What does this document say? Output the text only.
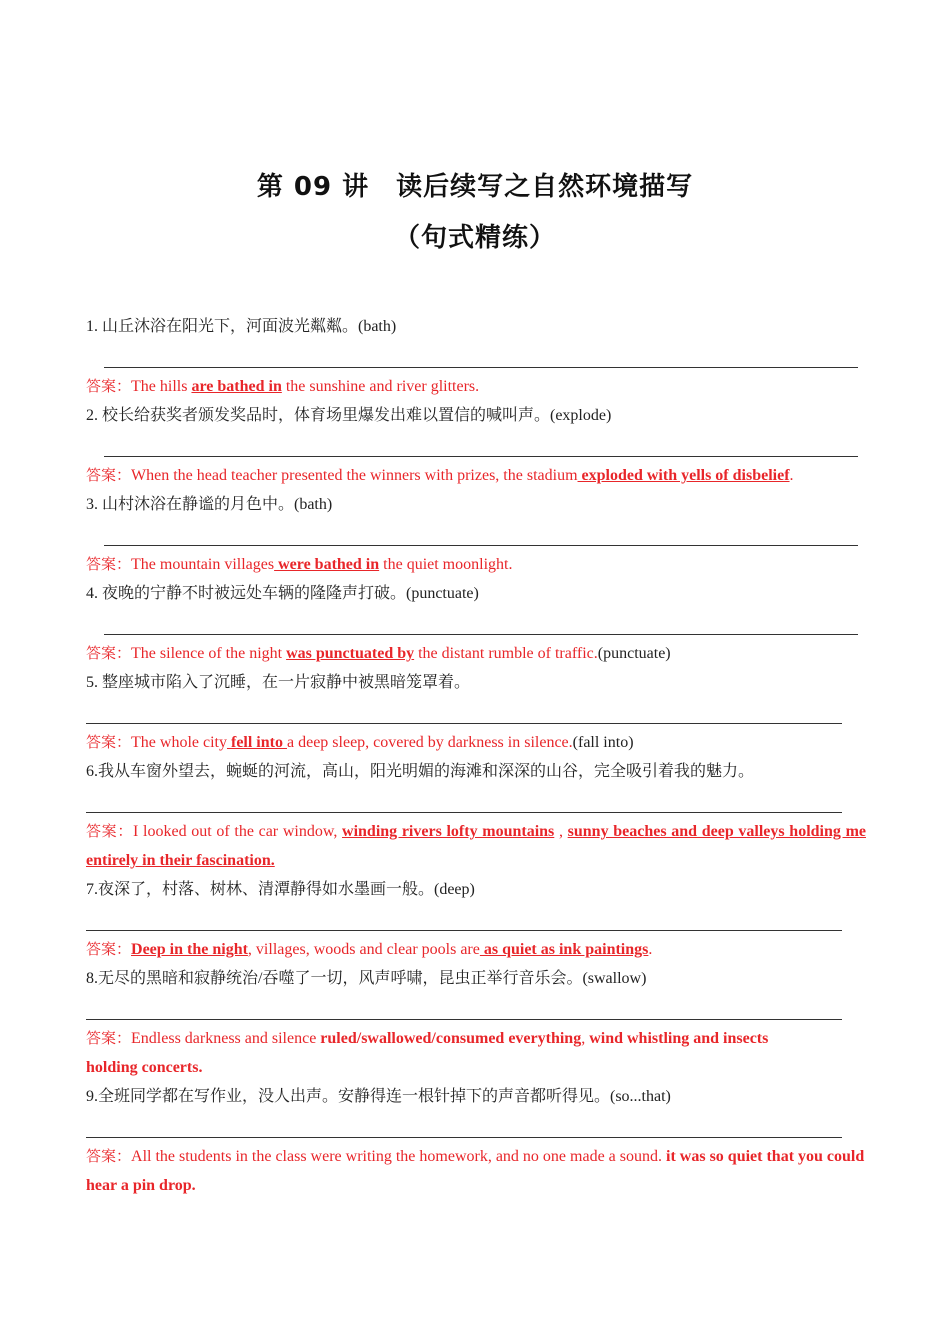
第 09 讲　读后续写之自然环境描写
（句式精练）
1. 山丘沐浴在阳光下，河面波光粼粼。(bath)
答案：The hills are bathed in the sunshine and river glitters.
2. 校长给获奖者颁发奖品时，体育场里爆发出难以置信的喊叫声。(explode)
答案：When the head teacher presented the winners with prizes, the stadium exploded with yells of disbelief.
3. 山村沐浴在静谧的月色中。(bath)
答案：The mountain villages were bathed in the quiet moonlight.
4. 夜晚的宁静不时被远处车辆的隆隆声打破。(punctuate)
答案：The silence of the night was punctuated by the distant rumble of traffic.(punctuate)
5. 整座城市陷入了沉睡，在一片寂静中被黑暗笼罩着。
答案：The whole city fell into a deep sleep, covered by darkness in silence.(fall into)
6.我从车窗外望去，蜿蜒的河流，高山，阳光明媚的海滩和深深的山谷，完全吸引着我的魅力。
答案：I looked out of the car window, winding rivers lofty mountains , sunny beaches and deep valleys holding me entirely in their fascination.
7.夜深了，村落、树林、清潭静得如水墨画一般。(deep)
答案：Deep in the night, villages, woods and clear pools are as quiet as ink paintings.
8.无尽的黑暗和寂静统治/吞噬了一切，风声呼啸，昆虫正举行音乐会。(swallow)
答案：Endless darkness and silence ruled/swallowed/consumed everything, wind whistling and insects holding concerts.
9.全班同学都在写作业，没人出声。安静得连一根针掉下的声音都听得见。(so...that)
答案：All the students in the class were writing the homework, and no one made a sound. it was so quiet that you could hear a pin drop.
